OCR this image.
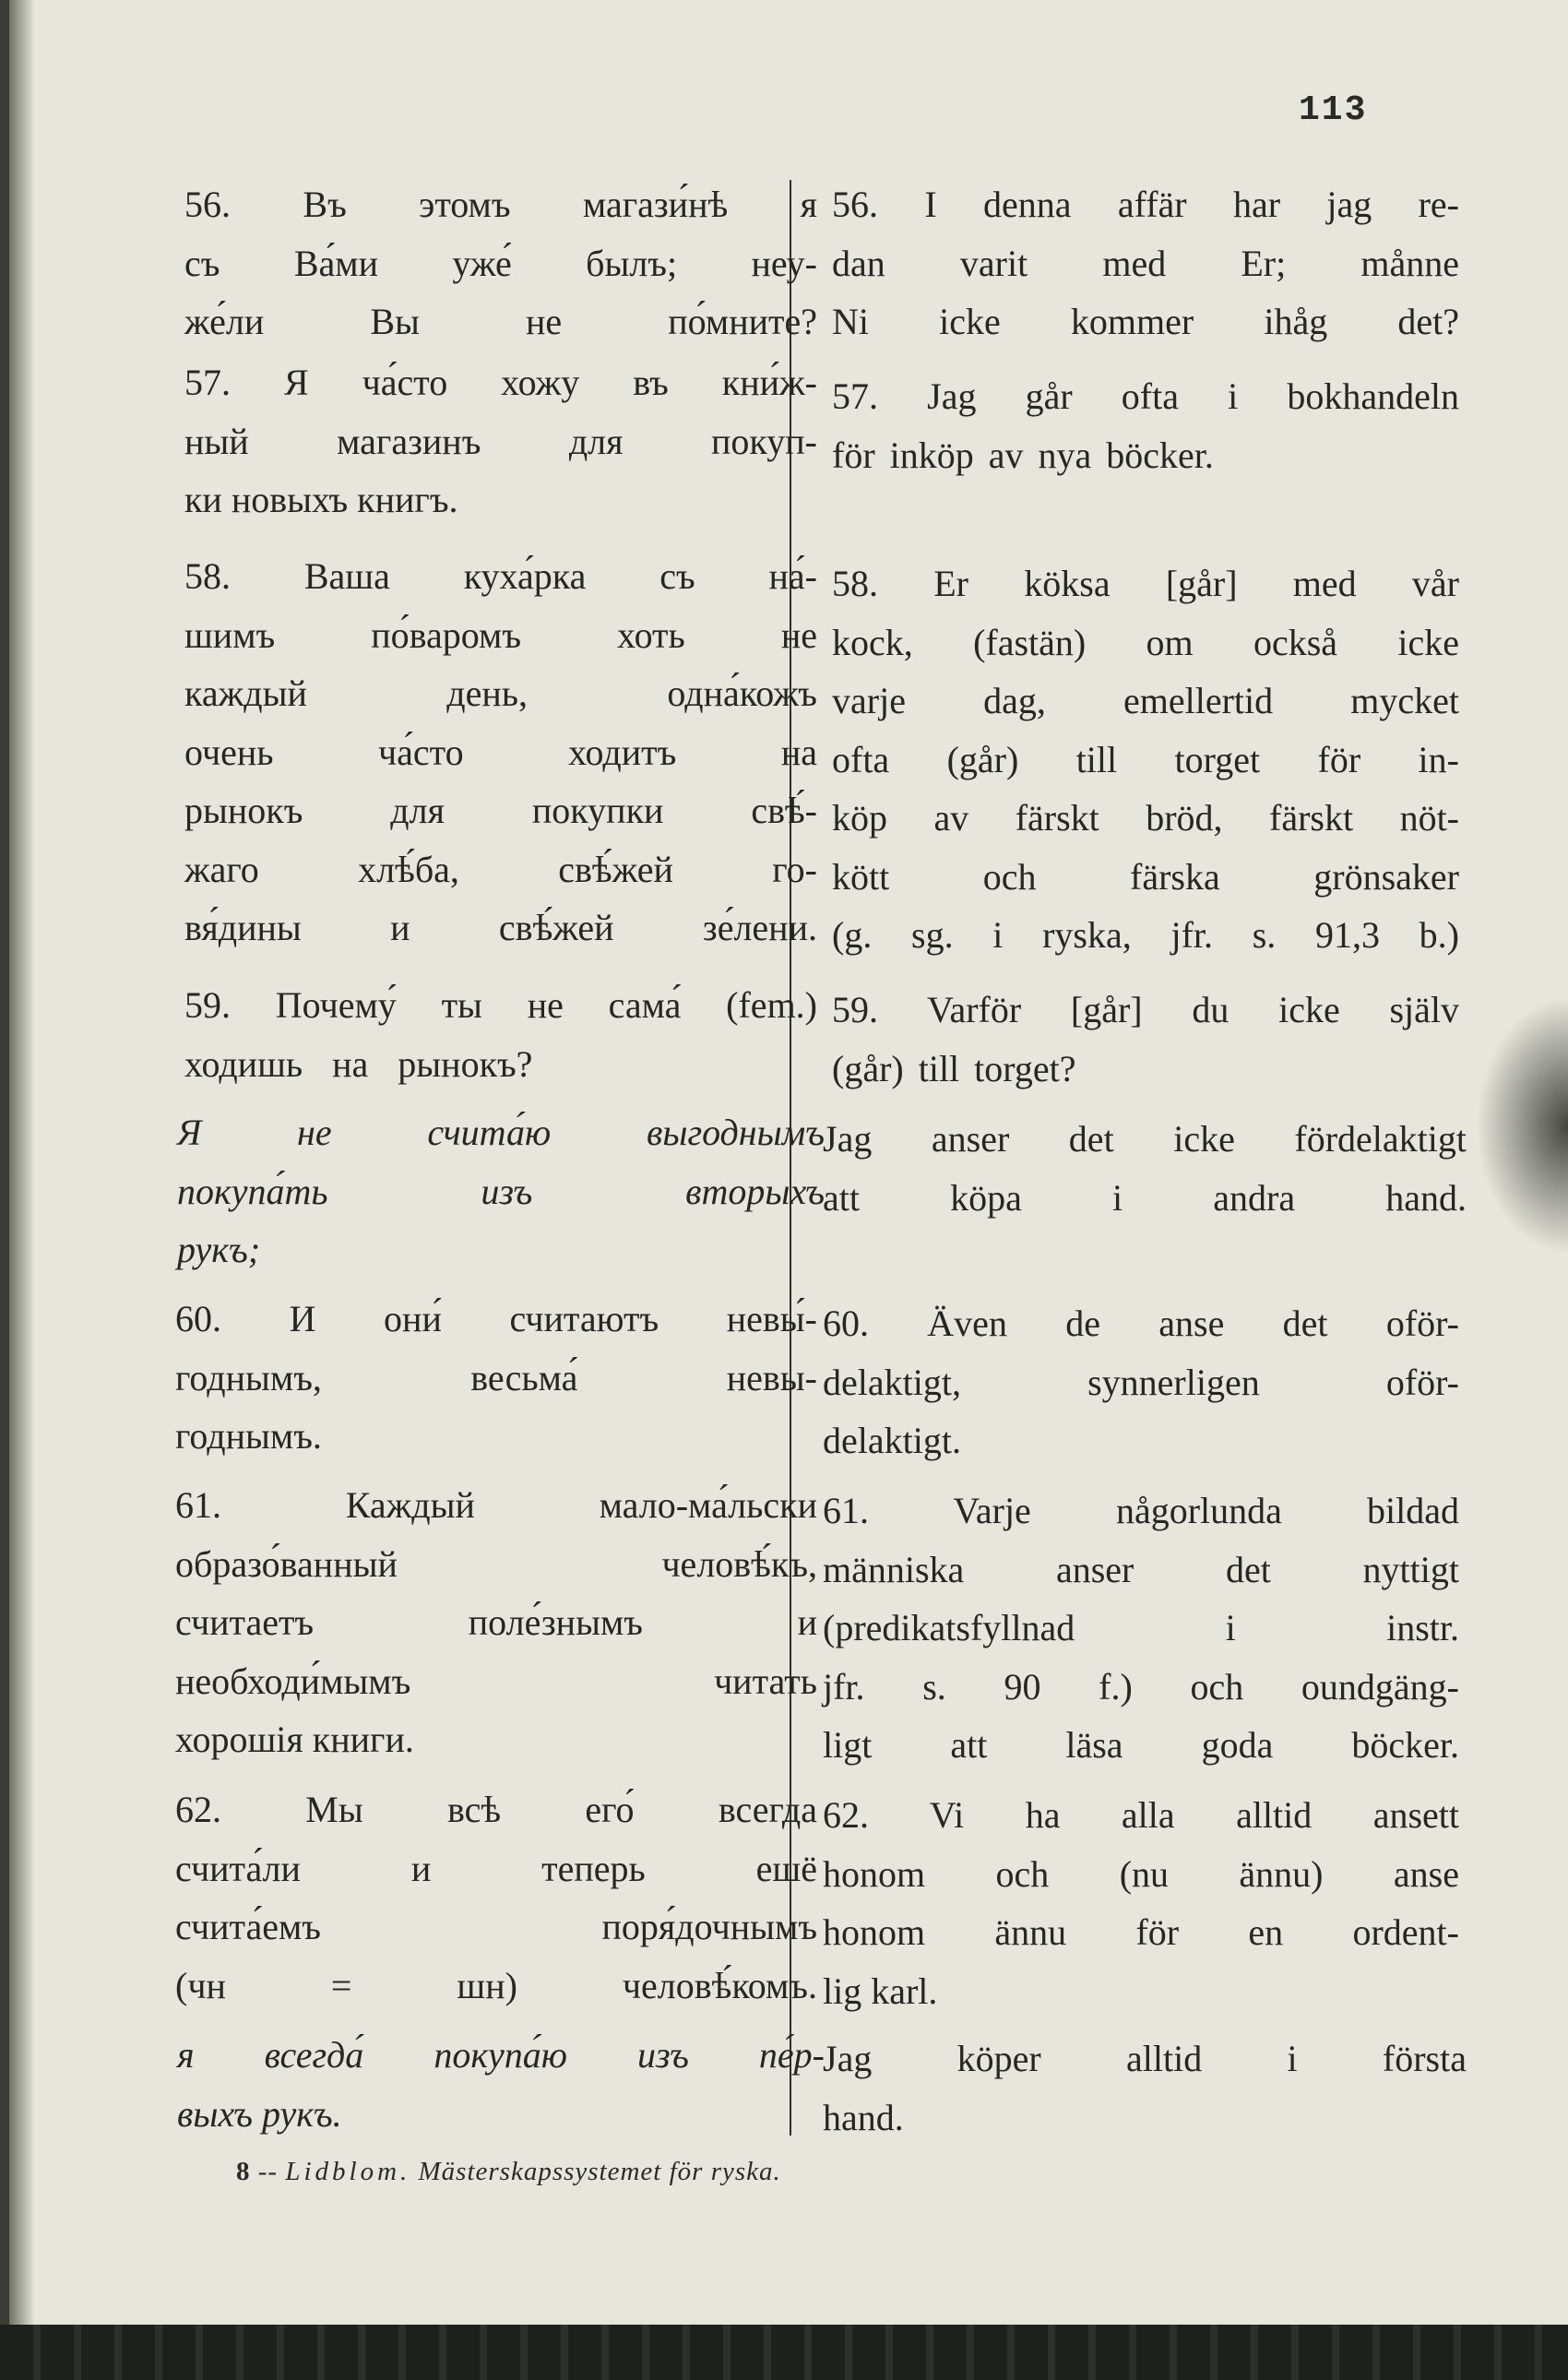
113
56. Въ этомъ магази́нѣ я
съ Ва́ми уже́ былъ; неу-
же́ли Вы не по́мните?
57. Я ча́сто хожу въ кни́ж-
ный магазинъ для покуп-
ки новыхъ книгъ.
58. Ваша куха́рка съ на́-
шимъ по́варомъ хоть не
каждый день, одна́кожъ
очень ча́сто ходитъ на
рынокъ для покупки свѣ́-
жаго хлѣ́ба, свѣ́жей го-
вя́дины и свѣ́жей зе́лени.
59. Почему́ ты не сама́ (fem.)
ходишь на рынокъ?
Я не счита́ю выгоднымъ
покупа́ть изъ вторыхъ
рукъ;
60. И они́ считаютъ невы́-
годнымъ, весьма́ невы-
годнымъ.
61. Каждый мало-ма́льски
образо́ванный человѣ́къ,
считаетъ поле́знымъ и
необходи́мымъ читать
хорошія книги.
62. Мы всѣ его́ всегда
счита́ли и теперь ешё
счита́емъ поря́дочнымъ
(чн = шн) человѣ́комъ.
я всегда́ покупа́ю изъ пе́р-
выхъ рукъ.
56. I denna affär har jag re-
dan varit med Er; månne
Ni icke kommer ihåg det?
57. Jag går ofta i bokhandeln
för inköp av nya böcker.
58. Er köksa [går] med vår
kock, (fastän) om också icke
varje dag, emellertid mycket
ofta (går) till torget för in-
köp av färskt bröd, färskt nöt-
kött och färska grönsaker
(g. sg. i ryska, jfr. s. 91,3 b.)
59. Varför [går] du icke själv
(går) till torget?
Jag anser det icke fördelaktigt
att köpa i andra hand.
60. Även de anse det oför-
delaktigt, synnerligen oför-
delaktigt.
61. Varje någorlunda bildad
människa anser det nyttigt
(predikatsfyllnad i instr.
jfr. s. 90 f.) och oundgäng-
ligt att läsa goda böcker.
62. Vi ha alla alltid ansett
honom och (nu ännu) anse
honom ännu för en ordent-
lig karl.
Jag köper alltid i första
hand.
8 -- Lidblom. Mästerskapssystemet för ryska.
